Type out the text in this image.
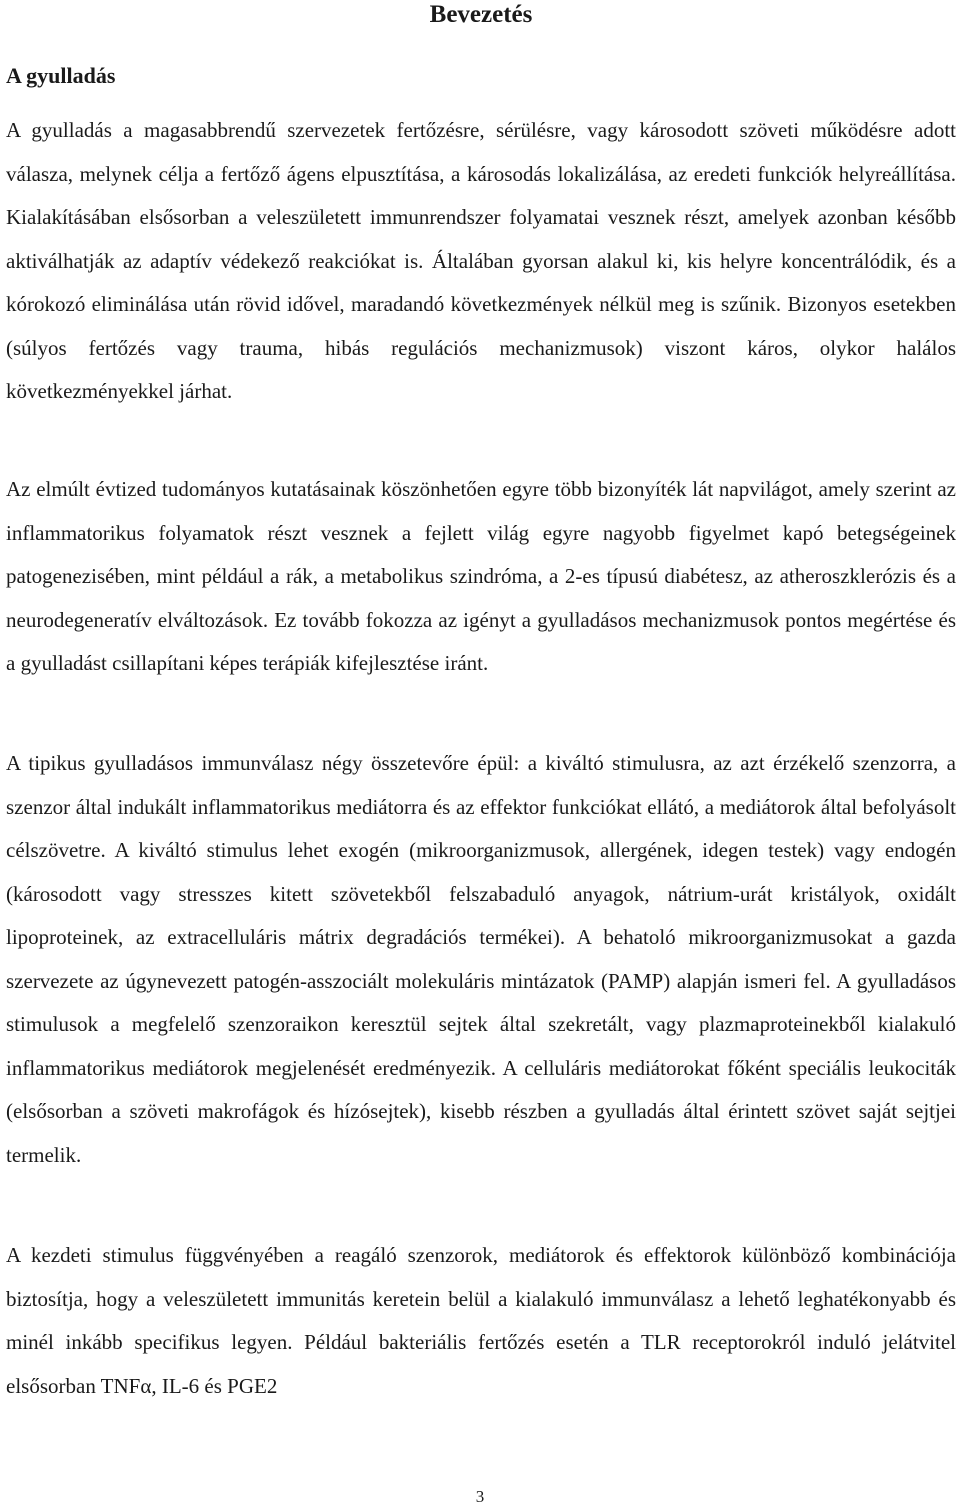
Bevezetés
A gyulladás

A gyulladás a magasabbrendű szervezetek fertőzésre, sérülésre, vagy károsodott szöveti működésre adott válasza, melynek célja a fertőző ágens elpusztítása, a károsodás lokalizálása, az eredeti funkciók helyreállítása. Kialakításában elsősorban a veleszületett immunrendszer folyamatai vesznek részt, amelyek azonban később aktiválhatják az adaptív védekező reakciókat is. Általában gyorsan alakul ki, kis helyre koncentrálódik, és a kórokozó eliminálása után rövid idővel, maradandó következmények nélkül meg is szűnik. Bizonyos esetekben (súlyos fertőzés vagy trauma, hibás regulációs mechanizmusok) viszont káros, olykor halálos következményekkel járhat.

Az elmúlt évtized tudományos kutatásainak köszönhetően egyre több bizonyíték lát napvilágot, amely szerint az inflammatorikus folyamatok részt vesznek a fejlett világ egyre nagyobb figyelmet kapó betegségeinek patogenezisében, mint például a rák, a metabolikus szindróma, a 2-es típusú diabétesz, az atheroszklerózis és a neurodegeneratív elváltozások. Ez tovább fokozza az igényt a gyulladásos mechanizmusok pontos megértése és a gyulladást csillapítani képes terápiák kifejlesztése iránt.

A tipikus gyulladásos immunválasz négy összetevőre épül: a kiváltó stimulusra, az azt érzékelő szenzorra, a szenzor által indukált inflammatorikus mediátorra és az effektor funkciókat ellátó, a mediátorok által befolyásolt célszövetre. A kiváltó stimulus lehet exogén (mikroorganizmusok, allergének, idegen testek) vagy endogén (károsodott vagy stresszes kitett szövetekből felszabaduló anyagok, nátrium-urát kristályok, oxidált lipoproteinek, az extracelluláris mátrix degradációs termékei). A behatoló mikroorganizmusokat a gazda szervezete az úgynevezett patogén-asszociált molekuláris mintázatok (PAMP) alapján ismeri fel. A gyulladásos stimulusok a megfelelő szenzoraikon keresztül sejtek által szekretált, vagy plazmaproteinekből kialakuló inflammatorikus mediátorok megjelenését eredményezik. A celluláris mediátorokat főként speciális leukociták (elsősorban a szöveti makrofágok és hízósejtek), kisebb részben a gyulladás által érintett szövet saját sejtjei termelik.

A kezdeti stimulus függvényében a reagáló szenzorok, mediátorok és effektorok különböző kombinációja biztosítja, hogy a veleszületett immunitás keretein belül a kialakuló immunválasz a lehető leghatékonyabb és minél inkább specifikus legyen. Például bakteriális fertőzés esetén a TLR receptorokról induló jelátvitel elsősorban TNFα, IL-6 és PGE2

3
